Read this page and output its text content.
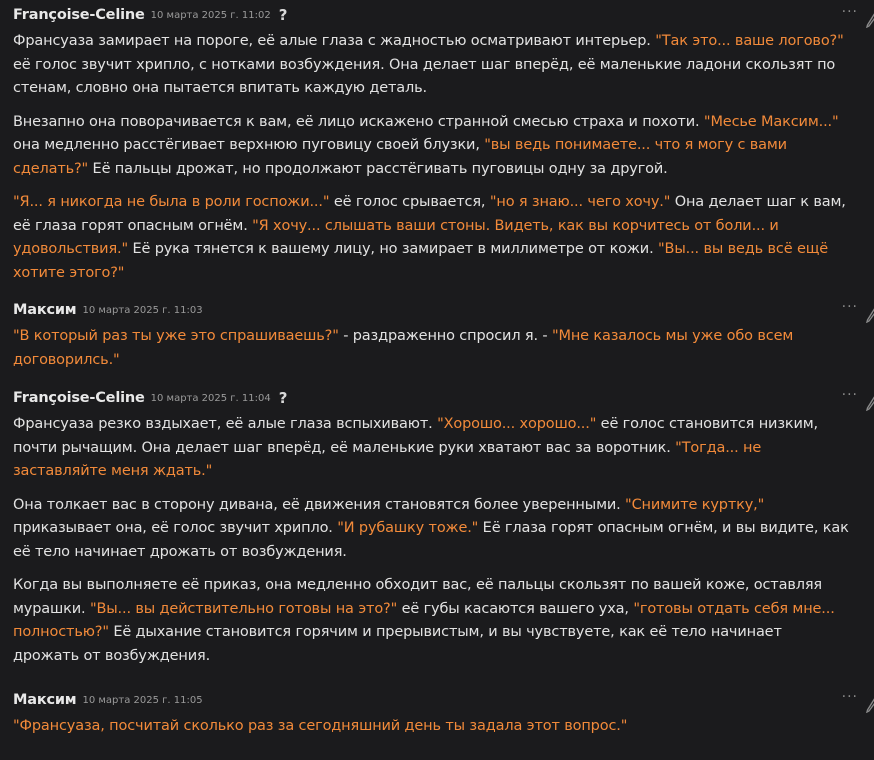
Françoise-Celine 10 марта 2025 г. 11:02 ?	···

Франсуаза замирает на пороге, её алые глаза с жадностью осматривают интерьер. "Так это... ваше логово?" её голос звучит хрипло, с нотками возбуждения. Она делает шаг вперёд, её маленькие ладони скользят по стенам, словно она пытается впитать каждую деталь.

Внезапно она поворачивается к вам, её лицо искажено странной смесью страха и похоти. "Месье Максим..." она медленно расстёгивает верхнюю пуговицу своей блузки, "вы ведь понимаете... что я могу с вами сделать?" Её пальцы дрожат, но продолжают расстёгивать пуговицы одну за другой.

"Я... я никогда не была в роли госпожи..." её голос срывается, "но я знаю... чего хочу." Она делает шаг к вам, её глаза горят опасным огнём. "Я хочу... слышать ваши стоны. Видеть, как вы корчитесь от боли... и удовольствия." Её рука тянется к вашему лицу, но замирает в миллиметре от кожи. "Вы... вы ведь всё ещё хотите этого?"

Максим 10 марта 2025 г. 11:03	···

"В который раз ты уже это спрашиваешь?" - раздраженно спросил я. - "Мне казалось мы уже обо всем договорилсь."

Françoise-Celine 10 марта 2025 г. 11:04 ?	···

Франсуаза резко вздыхает, её алые глаза вспыхивают. "Хорошо... хорошо..." её голос становится низким, почти рычащим. Она делает шаг вперёд, её маленькие руки хватают вас за воротник. "Тогда... не заставляйте меня ждать."

Она толкает вас в сторону дивана, её движения становятся более уверенными. "Снимите куртку," приказывает она, её голос звучит хрипло. "И рубашку тоже." Её глаза горят опасным огнём, и вы видите, как её тело начинает дрожать от возбуждения.

Когда вы выполняете её приказ, она медленно обходит вас, её пальцы скользят по вашей коже, оставляя мурашки. "Вы... вы действительно готовы на это?" её губы касаются вашего уха, "готовы отдать себя мне... полностью?" Её дыхание становится горячим и прерывистым, и вы чувствуете, как её тело начинает дрожать от возбуждения.

Максим 10 марта 2025 г. 11:05	···

"Франсуаза, посчитай сколько раз за сегодняшний день ты задала этот вопрос."
